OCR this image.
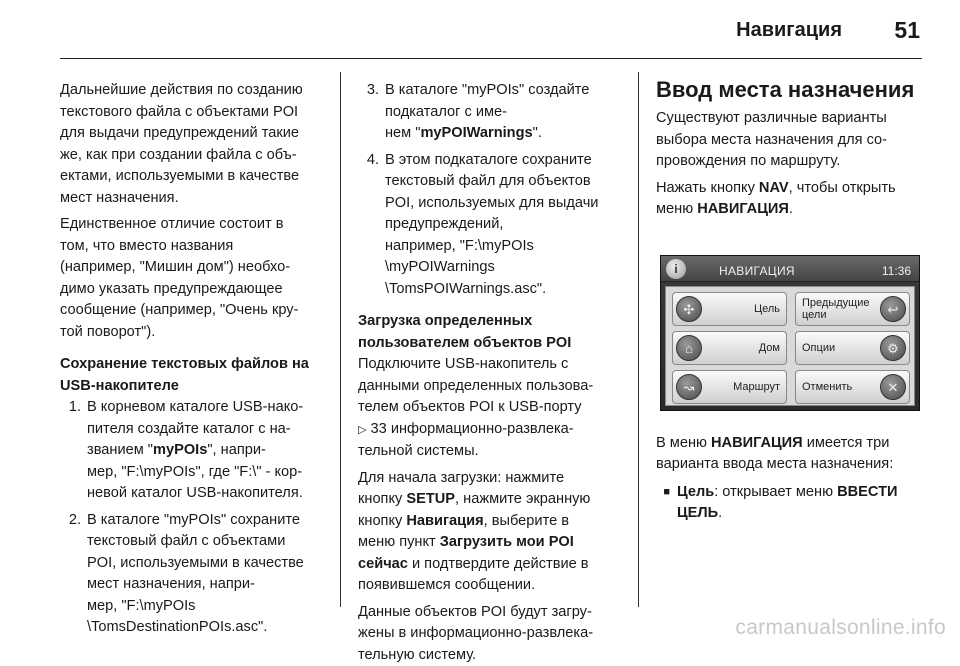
Навигация 51
Дальнейшие действия по созданию
текстового файла с объектами POI
для выдачи предупреждений такие
же, как при создании файла с объ-
ектами, используемыми в качестве
мест назначения.
Единственное отличие состоит в
том, что вместо названия
(например, "Мишин дом") необхо-
димо указать предупреждающее
сообщение (например, "Очень кру-
той поворот").
Сохранение текстовых файлов на
USB-накопителе
1. В корневом каталоге USB-нако-
пителя создайте каталог с на-
званием "myPOIs", напри-
мер, "F:\myPOIs", где "F:\" - кор-
невой каталог USB-накопителя.
2. В каталоге "myPOIs" сохраните
текстовый файл с объектами
POI, используемыми в качестве
мест назначения, напри-
мер, "F:\myPOIs
\TomsDestinationPOIs.asc".
3. В каталоге "myPOIs" создайте
подкаталог с име-
нем "myPOIWarnings".
4. В этом подкаталоге сохраните
текстовый файл для объектов
POI, используемых для выдачи
предупреждений,
например, "F:\myPOIs
\myPOIWarnings
\TomsPOIWarnings.asc".
Загрузка определенных
пользователем объектов POI
Подключите USB-накопитель с
данными определенных пользова-
телем объектов POI к USB-порту
▷ 33 информационно-развлека-
тельной системы.
Для начала загрузки: нажмите
кнопку SETUP, нажмите экранную
кнопку Навигация, выберите в
меню пункт Загрузить мои POI
сейчас и подтвердите действие в
появившемся сообщении.
Данные объектов POI будут загру-
жены в информационно-развлека-
тельную систему.
Ввод места назначения
Существуют различные варианты
выбора места назначения для со-
провождения по маршруту.
Нажать кнопку NAV, чтобы открыть
меню НАВИГАЦИЯ.
i	НАВИГАЦИЯ	11:36
✣	Цель Предыдущие
цели	↩
⌂	Дом Опции	⚙
↝	Маршрут Отменить	✕
В меню НАВИГАЦИЯ имеется три
варианта ввода места назначения:
■ Цель: открывает меню ВВЕСТИ
ЦЕЛЬ.
carmanualsonline.info
